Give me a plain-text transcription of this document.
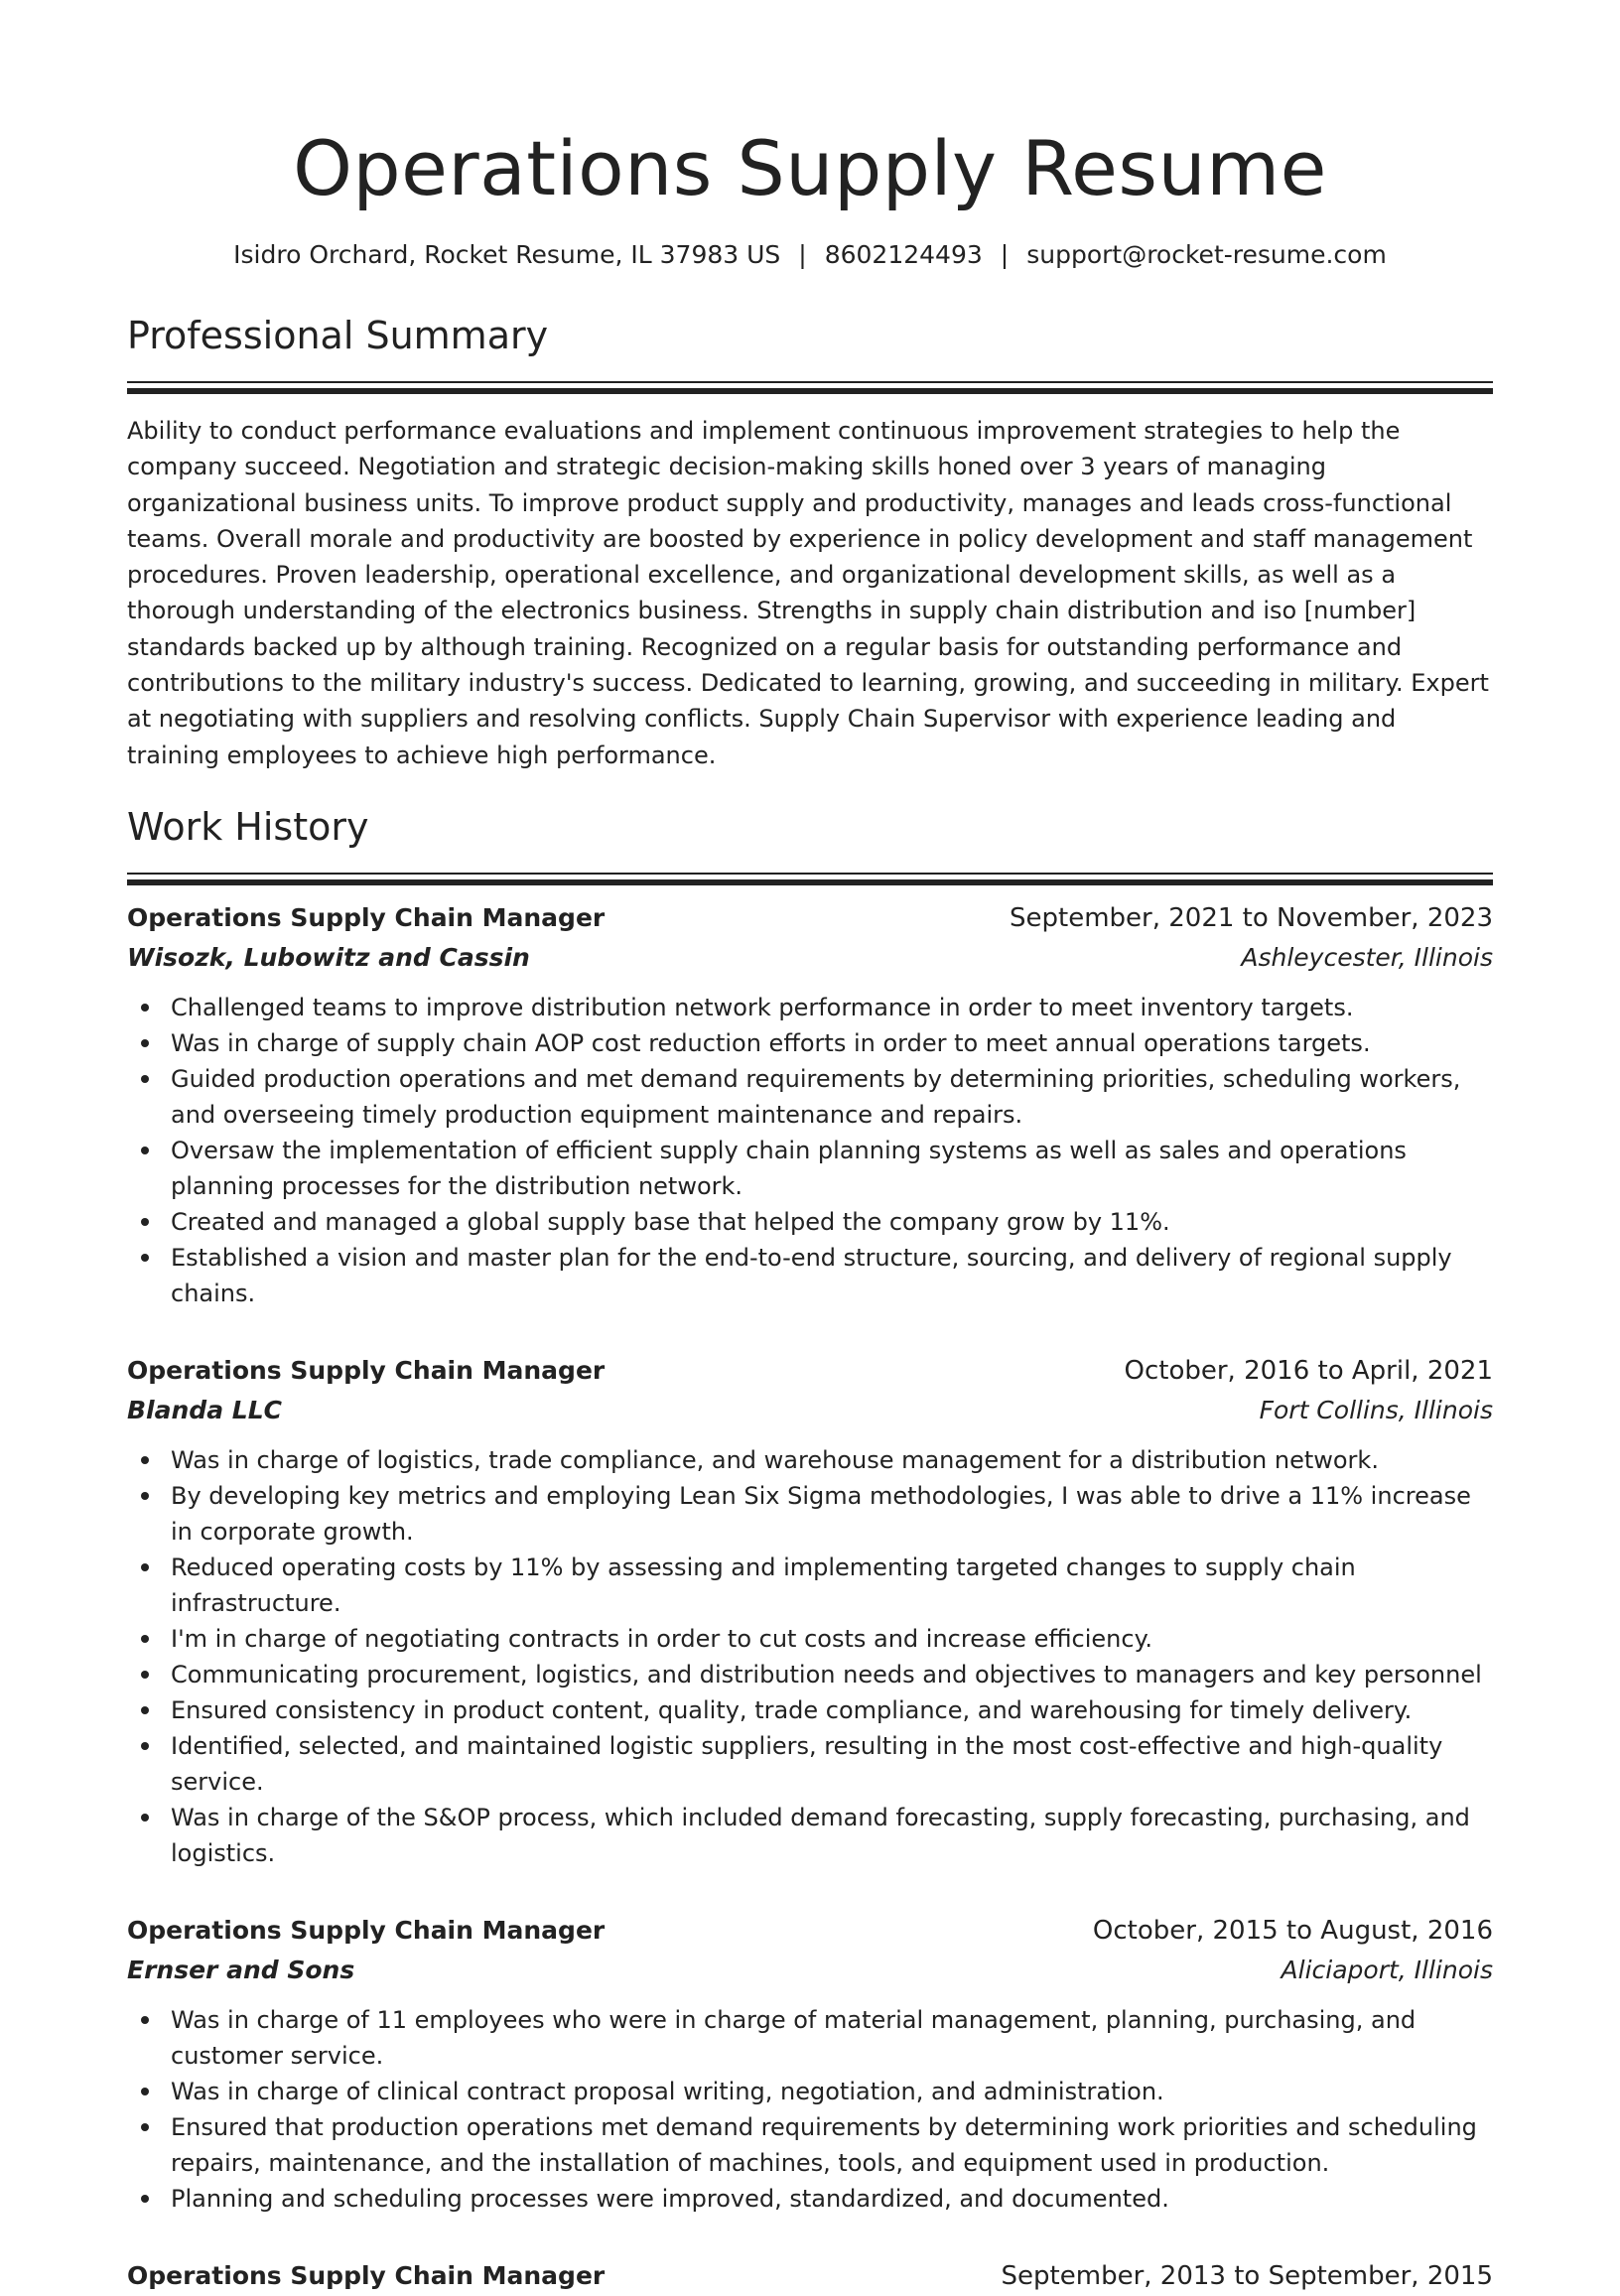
Operations Supply Resume
Isidro Orchard, Rocket Resume, IL 37983 US | 8602124493 | support@rocket-resume.com
Professional Summary

Ability to conduct performance evaluations and implement continuous improvement strategies to help the company succeed. Negotiation and strategic decision-making skills honed over 3 years of managing organizational business units. To improve product supply and productivity, manages and leads cross-functional teams. Overall morale and productivity are boosted by experience in policy development and staff management procedures. Proven leadership, operational excellence, and organizational development skills, as well as a thorough understanding of the electronics business. Strengths in supply chain distribution and iso [number] standards backed up by although training. Recognized on a regular basis for outstanding performance and contributions to the military industry's success. Dedicated to learning, growing, and succeeding in military. Expert at negotiating with suppliers and resolving conflicts. Supply Chain Supervisor with experience leading and training employees to achieve high performance.

Work History
Operations Supply Chain Manager	September, 2021 to November, 2023
Wisozk, Lubowitz and Cassin	Ashleycester, Illinois
Challenged teams to improve distribution network performance in order to meet inventory targets.
Was in charge of supply chain AOP cost reduction efforts in order to meet annual operations targets.
Guided production operations and met demand requirements by determining priorities, scheduling workers, and overseeing timely production equipment maintenance and repairs.
Oversaw the implementation of efficient supply chain planning systems as well as sales and operations planning processes for the distribution network.
Created and managed a global supply base that helped the company grow by 11%.
Established a vision and master plan for the end-to-end structure, sourcing, and delivery of regional supply chains.
Operations Supply Chain Manager	October, 2016 to April, 2021
Blanda LLC	Fort Collins, Illinois
Was in charge of logistics, trade compliance, and warehouse management for a distribution network.
By developing key metrics and employing Lean Six Sigma methodologies, I was able to drive a 11% increase in corporate growth.
Reduced operating costs by 11% by assessing and implementing targeted changes to supply chain infrastructure.
I'm in charge of negotiating contracts in order to cut costs and increase efficiency.
Communicating procurement, logistics, and distribution needs and objectives to managers and key personnel
Ensured consistency in product content, quality, trade compliance, and warehousing for timely delivery.
Identified, selected, and maintained logistic suppliers, resulting in the most cost-effective and high-quality service.
Was in charge of the S&OP process, which included demand forecasting, supply forecasting, purchasing, and logistics.
Operations Supply Chain Manager	October, 2015 to August, 2016
Ernser and Sons	Aliciaport, Illinois
Was in charge of 11 employees who were in charge of material management, planning, purchasing, and customer service.
Was in charge of clinical contract proposal writing, negotiation, and administration.
Ensured that production operations met demand requirements by determining work priorities and scheduling repairs, maintenance, and the installation of machines, tools, and equipment used in production.
Planning and scheduling processes were improved, standardized, and documented.
Operations Supply Chain Manager	September, 2013 to September, 2015
